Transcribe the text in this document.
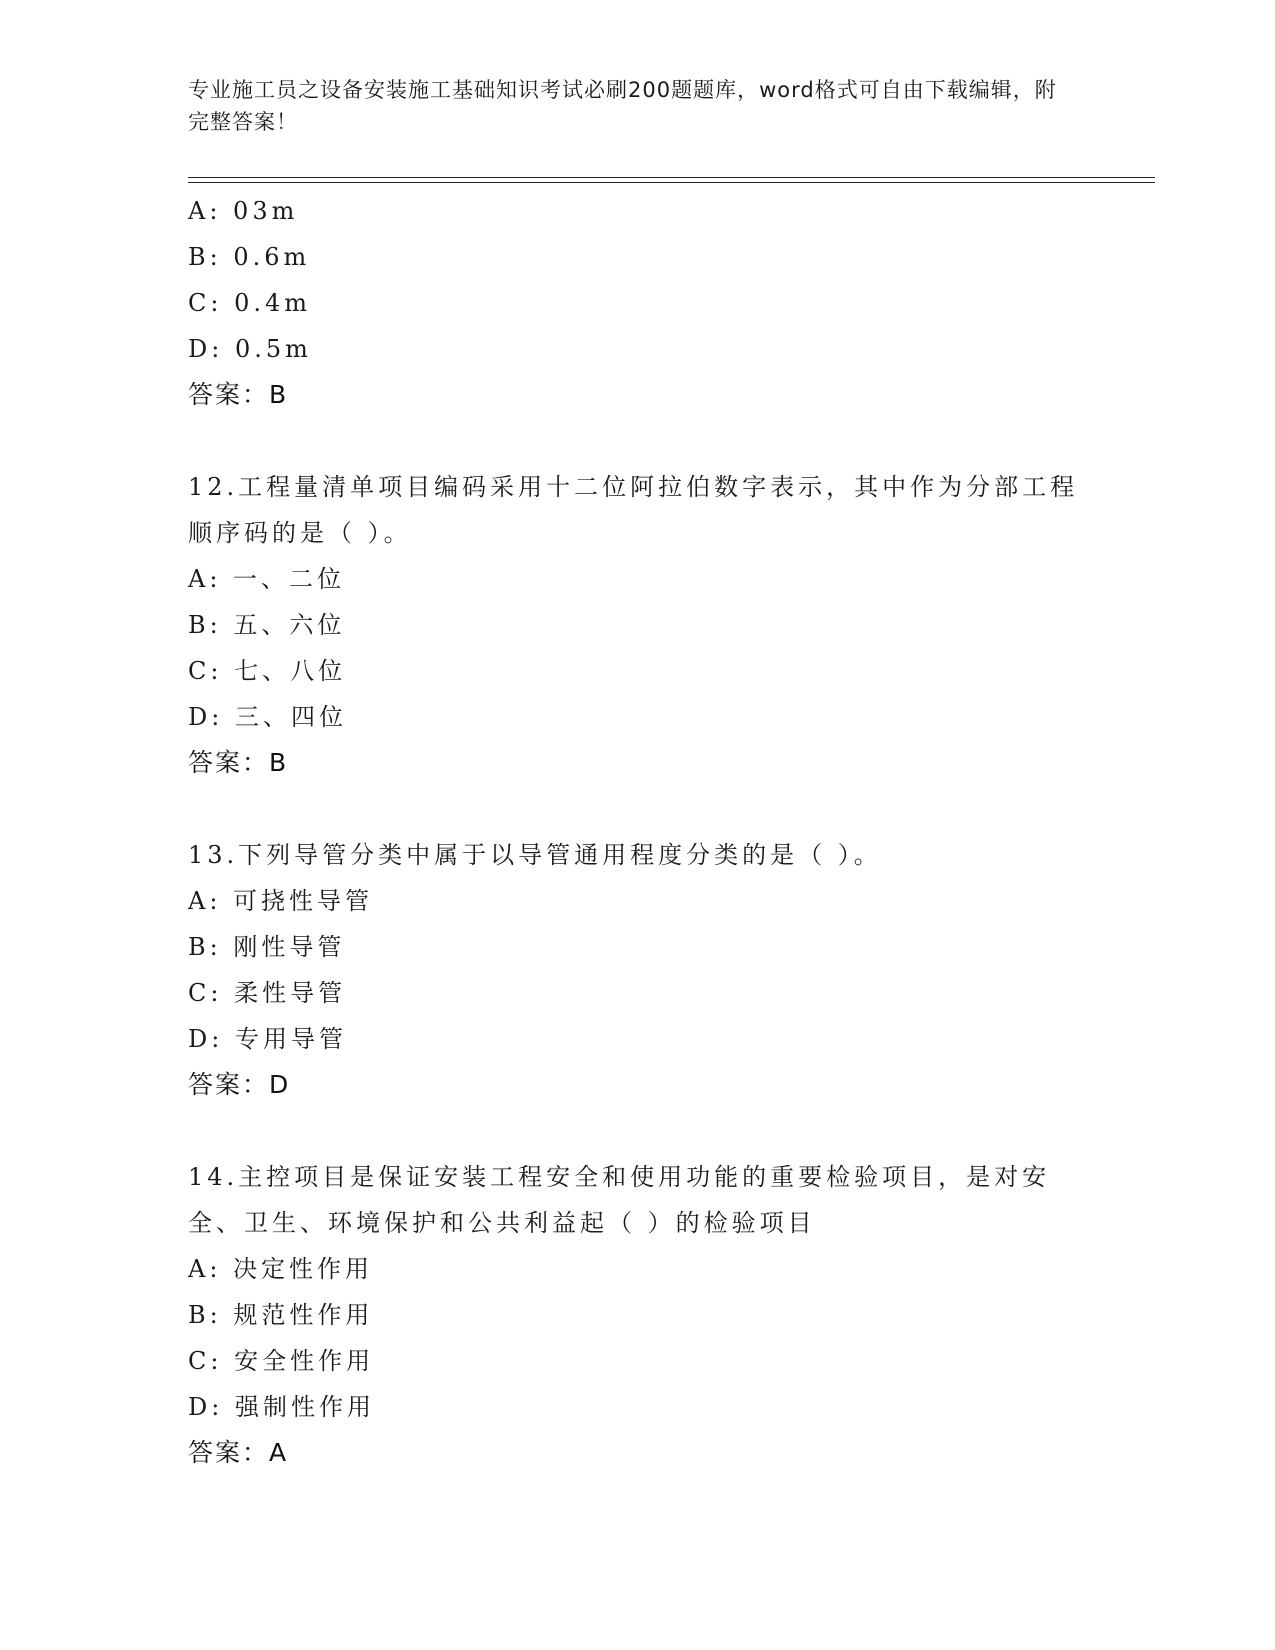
专业施工员之设备安装施工基础知识考试必刷200题题库，word格式可自由下载编辑，附完整答案！
A: 03m
B: 0.6m
C: 0.4m
D: 0.5m
答案：B
12.工程量清单项目编码采用十二位阿拉伯数字表示，其中作为分部工程顺序码的是（ ）。
A: 一、二位
B: 五、六位
C: 七、八位
D: 三、四位
答案：B
13.下列导管分类中属于以导管通用程度分类的是（ ）。
A: 可挠性导管
B: 刚性导管
C: 柔性导管
D: 专用导管
答案：D
14.主控项目是保证安装工程安全和使用功能的重要检验项目，是对安全、卫生、环境保护和公共利益起（ ）的检验项目
A: 决定性作用
B: 规范性作用
C: 安全性作用
D: 强制性作用
答案：A
